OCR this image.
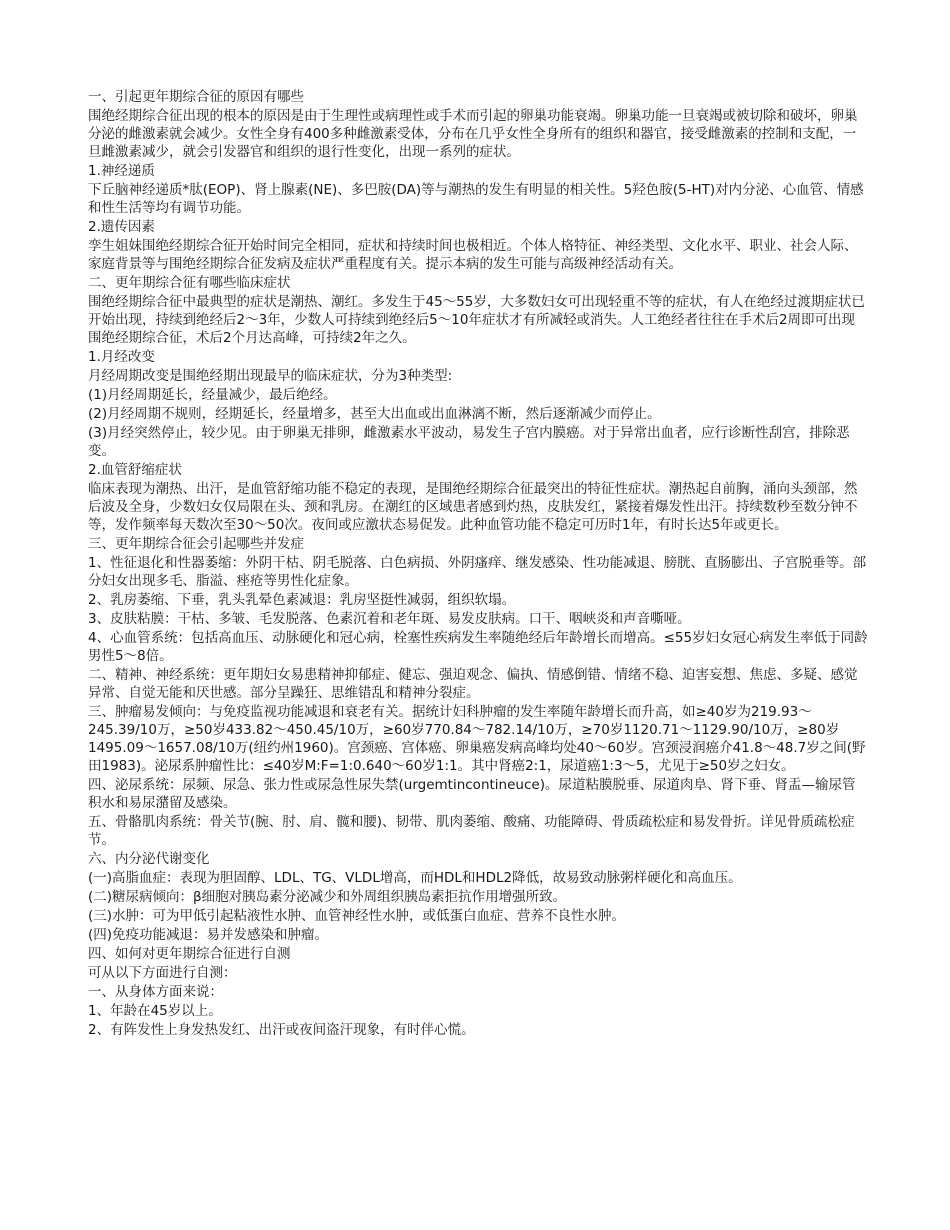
一、引起更年期综合征的原因有哪些

围绝经期综合征出现的根本的原因是由于生理性或病理性或手术而引起的卵巢功能衰竭。卵巢功能一旦衰竭或被切除和破坏，卵巢分泌的雌激素就会减少。女性全身有400多种雌激素受体，分布在几乎女性全身所有的组织和器官，接受雌激素的控制和支配，一旦雌激素减少，就会引发器官和组织的退行性变化，出现一系列的症状。

1.神经递质

下丘脑神经递质*肽(EOP)、肾上腺素(NE)、多巴胺(DA)等与潮热的发生有明显的相关性。5羟色胺(5-HT)对内分泌、心血管、情感和性生活等均有调节功能。

2.遗传因素

孪生姐妹围绝经期综合征开始时间完全相同，症状和持续时间也极相近。个体人格特征、神经类型、文化水平、职业、社会人际、家庭背景等与围绝经期综合征发病及症状严重程度有关。提示本病的发生可能与高级神经活动有关。

二、更年期综合征有哪些临床症状

围绝经期综合征中最典型的症状是潮热、潮红。多发生于45～55岁，大多数妇女可出现轻重不等的症状，有人在绝经过渡期症状已开始出现，持续到绝经后2～3年，少数人可持续到绝经后5～10年症状才有所减轻或消失。人工绝经者往往在手术后2周即可出现围绝经期综合征，术后2个月达高峰，可持续2年之久。

1.月经改变

月经周期改变是围绝经期出现最早的临床症状，分为3种类型:

(1)月经周期延长，经量减少，最后绝经。

(2)月经周期不规则，经期延长，经量增多，甚至大出血或出血淋漓不断，然后逐渐减少而停止。

(3)月经突然停止，较少见。由于卵巢无排卵，雌激素水平波动，易发生子宫内膜癌。对于异常出血者，应行诊断性刮宫，排除恶变。

2.血管舒缩症状

临床表现为潮热、出汗，是血管舒缩功能不稳定的表现，是围绝经期综合征最突出的特征性症状。潮热起自前胸，涌向头颈部，然后波及全身，少数妇女仅局限在头、颈和乳房。在潮红的区域患者感到灼热，皮肤发红，紧接着爆发性出汗。持续数秒至数分钟不等，发作频率每天数次至30～50次。夜间或应激状态易促发。此种血管功能不稳定可历时1年，有时长达5年或更长。

三、更年期综合征会引起哪些并发症

1、性征退化和性器萎缩：外阴干枯、阴毛脱落、白色病损、外阴瘙痒、继发感染、性功能减退、膀胱、直肠膨出、子宫脱垂等。部分妇女出现多毛、脂溢、痤疮等男性化症象。

2、乳房萎缩、下垂，乳头乳晕色素减退：乳房坚挺性减弱，组织软塌。

3、皮肤粘膜：干枯、多皱、毛发脱落、色素沉着和老年斑、易发皮肤病。口干、咽峡炎和声音嘶哑。

4、心血管系统：包括高血压、动脉硬化和冠心病，栓塞性疾病发生率随绝经后年龄增长而增高。≤55岁妇女冠心病发生率低于同龄男性5～8倍。

二、精神、神经系统：更年期妇女易患精神抑郁症、健忘、强迫观念、偏执、情感倒错、情绪不稳、迫害妄想、焦虑、多疑、感觉异常、自觉无能和厌世感。部分呈躁狂、思维错乱和精神分裂症。

三、肿瘤易发倾向：与免疫监视功能减退和衰老有关。据统计妇科肿瘤的发生率随年龄增长而升高，如≥40岁为219.93～245.39/10万，≥50岁433.82～450.45/10万，≥60岁770.84～782.14/10万，≥70岁1120.71～1129.90/10万，≥80岁1495.09～1657.08/10万(纽约州1960)。宫颈癌、宫体癌、卵巢癌发病高峰均处40～60岁。宫颈浸润癌介41.8～48.7岁之间(野田1983)。泌尿系肿瘤性比：≤40岁M:F=1:0.640～60岁1:1。其中肾癌2:1，尿道癌1:3～5，尤见于≥50岁之妇女。

四、泌尿系统：尿频、尿急、张力性或尿急性尿失禁(urgemtincontineuce)。尿道粘膜脱垂、尿道肉阜、肾下垂、肾盂—输尿管积水和易尿潴留及感染。

五、骨骼肌肉系统：骨关节(腕、肘、肩、髋和腰)、韧带、肌肉萎缩、酸痛、功能障碍、骨质疏松症和易发骨折。详见骨质疏松症节。

六、内分泌代谢变化

(一)高脂血症：表现为胆固醇、LDL、TG、VLDL增高，而HDL和HDL2降低，故易致动脉粥样硬化和高血压。

(二)糖尿病倾向：β细胞对胰岛素分泌减少和外周组织胰岛素拒抗作用增强所致。

(三)水肿：可为甲低引起粘液性水肿、血管神经性水肿，或低蛋白血症、营养不良性水肿。

(四)免疫功能减退：易并发感染和肿瘤。

四、如何对更年期综合征进行自测

可从以下方面进行自测：

一、从身体方面来说：

1、年龄在45岁以上。

2、有阵发性上身发热发红、出汗或夜间盗汗现象，有时伴心慌。
